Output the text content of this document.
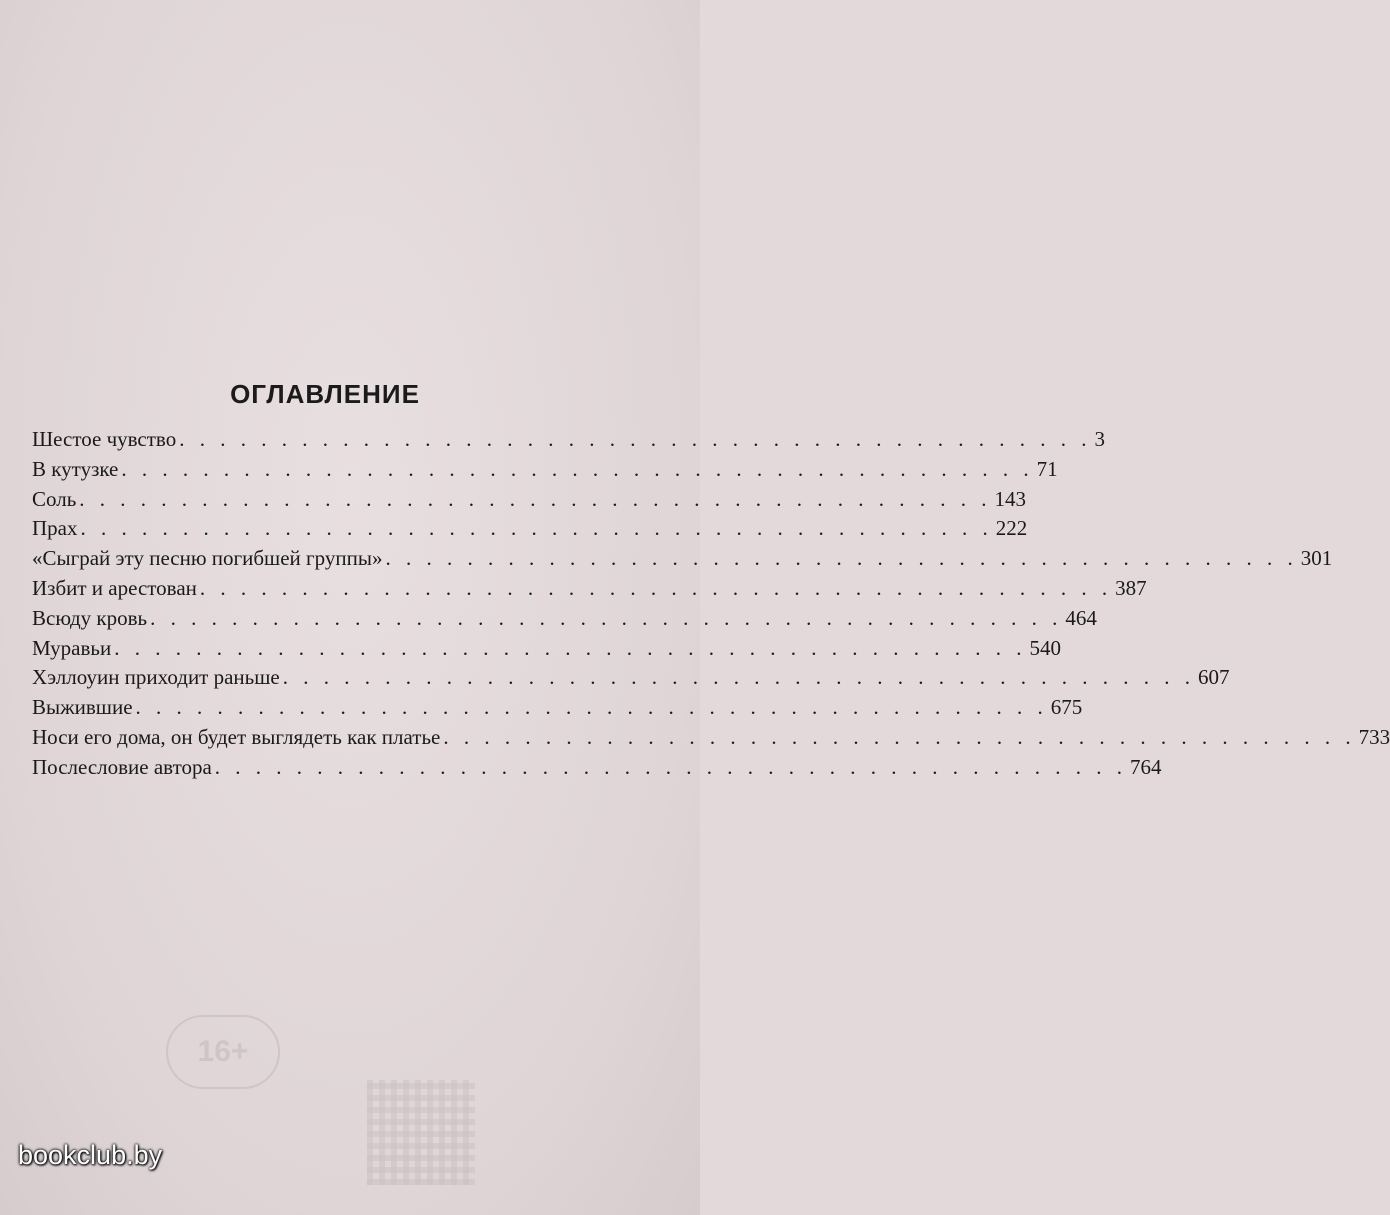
ОГЛАВЛЕНИЕ
Шестое чувство . . . . . . . . . . . . . . . . . . . . . . . . . . . . . . . . . . . . . . . . . . . . . 3
В кутузке . . . . . . . . . . . . . . . . . . . . . . . . . . . . . . . . . . . . . . . . . . . . . 71
Соль . . . . . . . . . . . . . . . . . . . . . . . . . . . . . . . . . . . . . . . . . . . . . 143
Прах . . . . . . . . . . . . . . . . . . . . . . . . . . . . . . . . . . . . . . . . . . . . . 222
«Сыграй эту песню погибшей группы» . . . . . . . . . . . . . . . . . . . . . . . . . . . . . . . . . . . . . . . . . . . . . 301
Избит и арестован . . . . . . . . . . . . . . . . . . . . . . . . . . . . . . . . . . . . . . . . . . . . . 387
Всюду кровь . . . . . . . . . . . . . . . . . . . . . . . . . . . . . . . . . . . . . . . . . . . . . 464
Муравьи . . . . . . . . . . . . . . . . . . . . . . . . . . . . . . . . . . . . . . . . . . . . . 540
Хэллоуин приходит раньше . . . . . . . . . . . . . . . . . . . . . . . . . . . . . . . . . . . . . . . . . . . . . 607
Выжившие . . . . . . . . . . . . . . . . . . . . . . . . . . . . . . . . . . . . . . . . . . . . . 675
Носи его дома, он будет выглядеть как платье . . . . . . . . . . . . . . . . . . . . . . . . . . . . . . . . . . . . . . . . . . . . . 733
Послесловие автора . . . . . . . . . . . . . . . . . . . . . . . . . . . . . . . . . . . . . . . . . . . . . 764
16+
bookclub.by
